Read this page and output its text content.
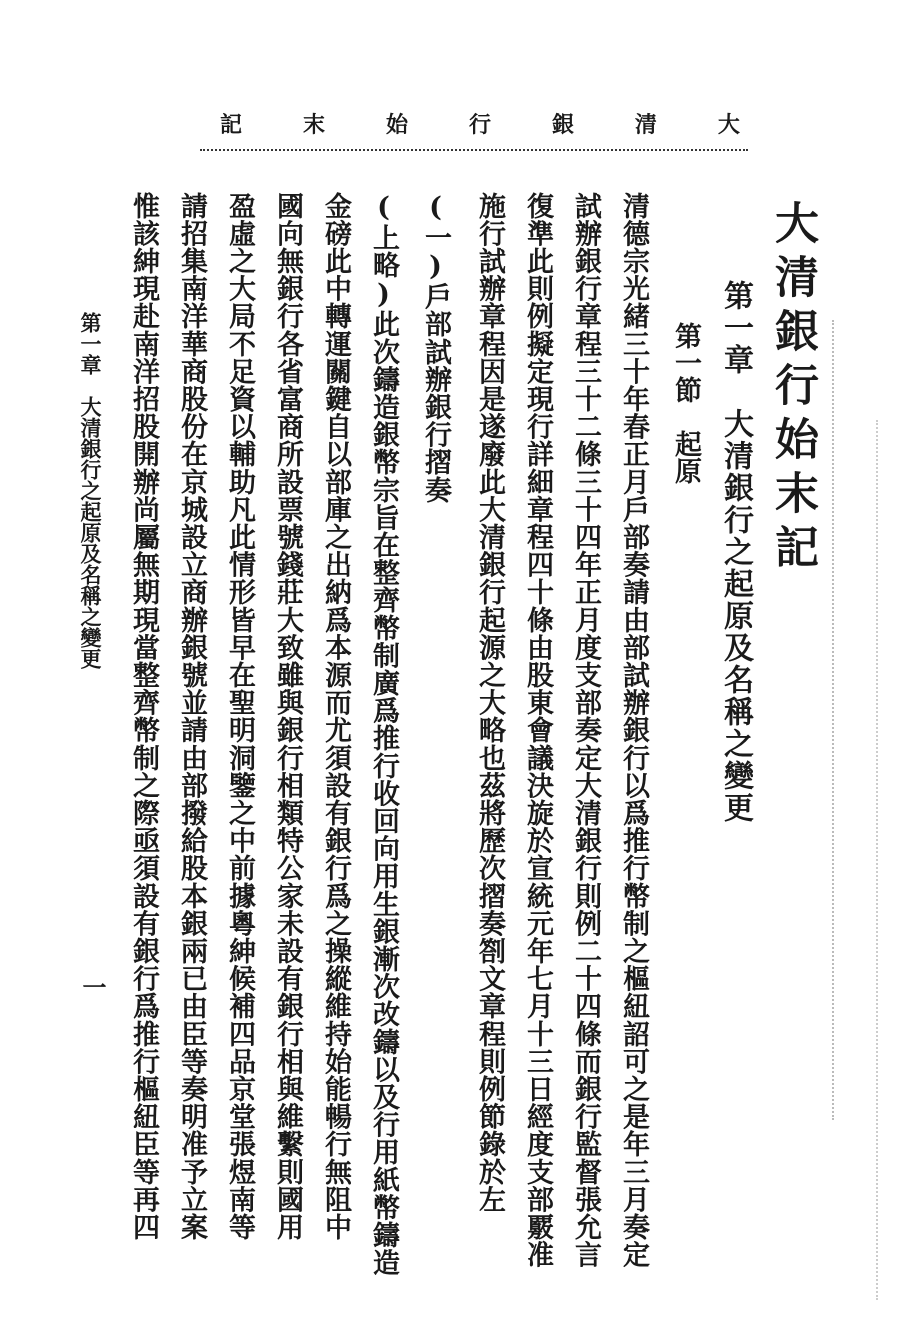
大
清
銀
行
始
末
記
大清銀行始末記
第一章　大清銀行之起原及名稱之變更
第一節　起原
清德宗光緒三十年春正月戶部奏請由部試辦銀行以爲推行幣制之樞紐詔可之是年三月奏定
試辦銀行章程三十二條三十四年正月度支部奏定大清銀行則例二十四條而銀行監督張允言
復準此則例擬定現行詳細章程四十條由股東會議決旋於宣統元年七月十三日經度支部覈准
施行試辦章程因是遂廢此大清銀行起源之大略也茲將歷次摺奏劄文章程則例節錄於左
(一)戶部試辦銀行摺奏
(上略)此次鑄造銀幣宗旨在整齊幣制廣爲推行收回向用生銀漸次改鑄以及行用紙幣鑄造
金磅此中轉運關鍵自以部庫之出納爲本源而尤須設有銀行爲之操縱維持始能暢行無阻中
國向無銀行各省富商所設票號錢莊大致雖與銀行相類特公家未設有銀行相與維繫則國用
盈虛之大局不足資以輔助凡此情形皆早在聖明洞鑒之中前據粵紳候補四品京堂張煜南等
請招集南洋華商股份在京城設立商辦銀號並請由部撥給股本銀兩已由臣等奏明准予立案
惟該紳現赴南洋招股開辦尚屬無期現當整齊幣制之際亟須設有銀行爲推行樞紐臣等再四
第一章　大清銀行之起原及名稱之變更
一
